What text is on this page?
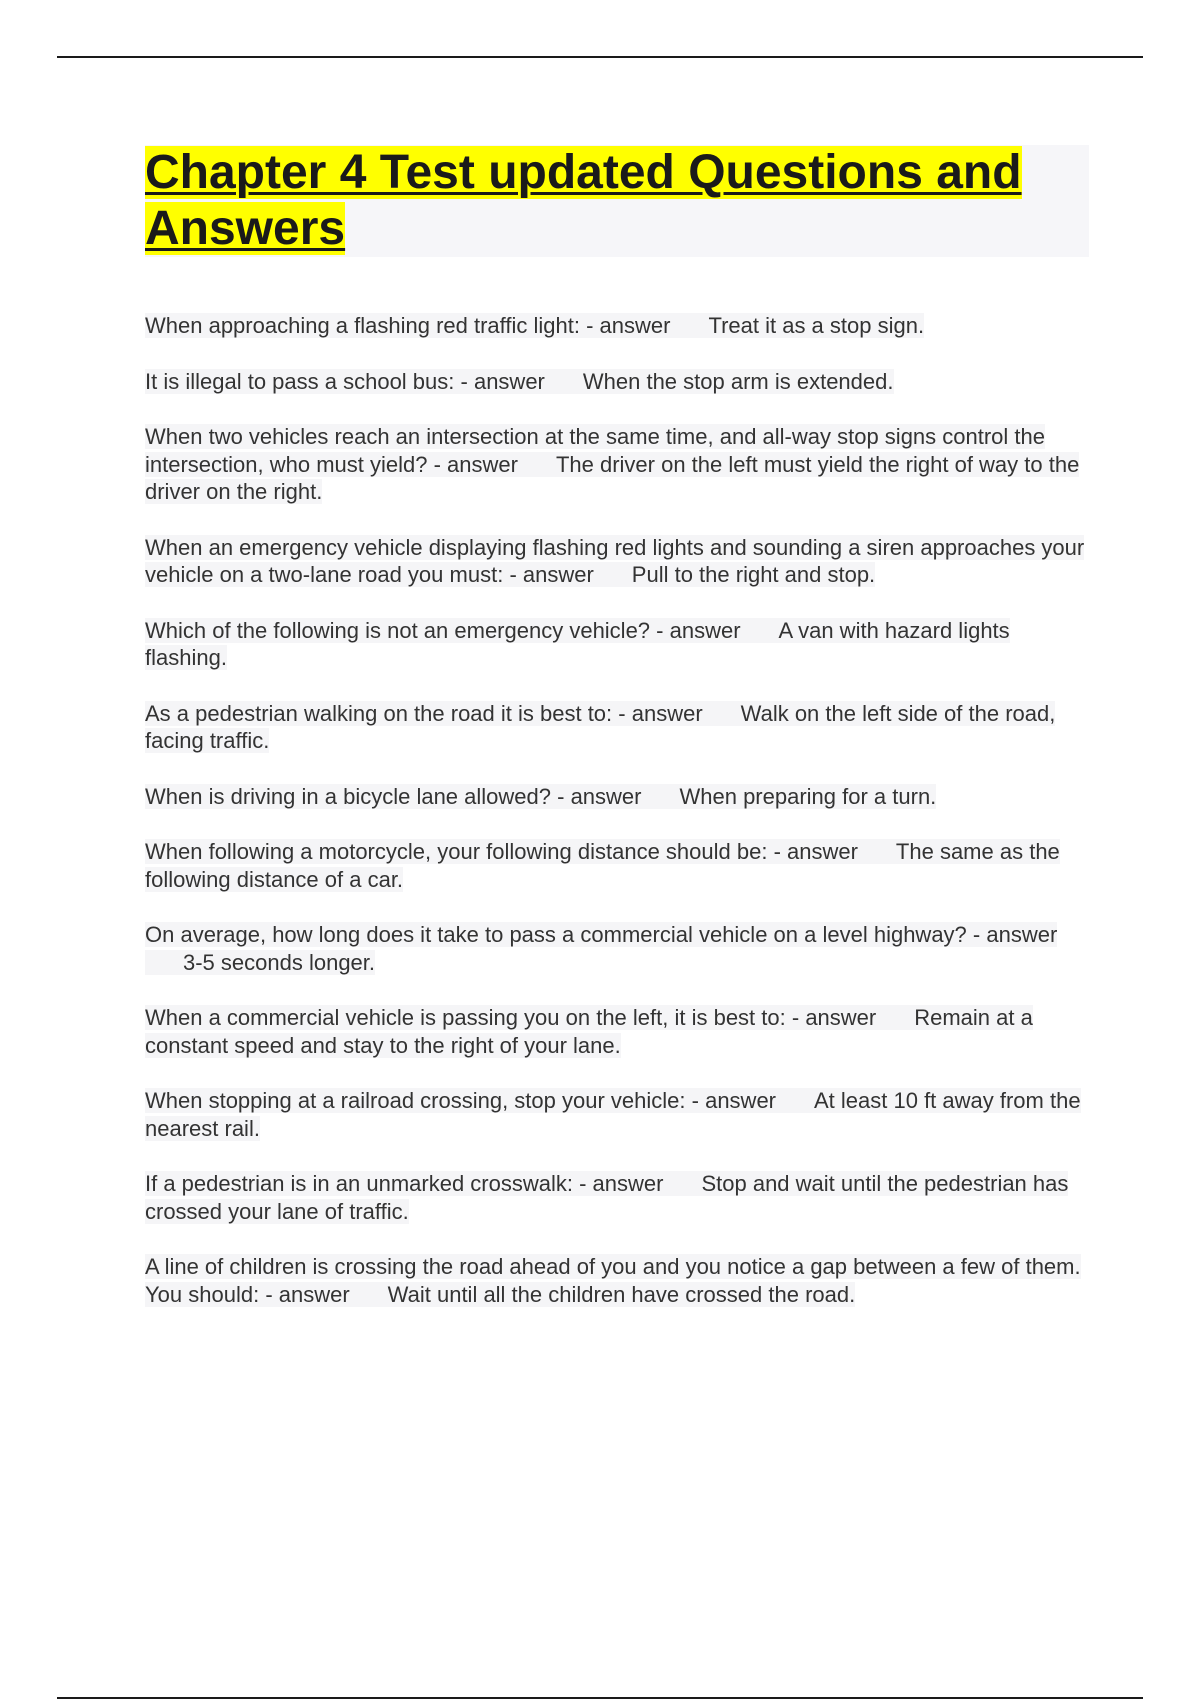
Chapter 4 Test updated Questions and
Answers

When approaching a flashing red traffic light: - answer Treat it as a stop sign.

It is illegal to pass a school bus: - answer When the stop arm is extended.

When two vehicles reach an intersection at the same time, and all-way stop signs control the intersection, who must yield? - answer The driver on the left must yield the right of way to the driver on the right.

When an emergency vehicle displaying flashing red lights and sounding a siren approaches your vehicle on a two-lane road you must: - answer Pull to the right and stop.

Which of the following is not an emergency vehicle? - answer A van with hazard lights flashing.

As a pedestrian walking on the road it is best to: - answer Walk on the left side of the road, facing traffic.

When is driving in a bicycle lane allowed? - answer When preparing for a turn.

When following a motorcycle, your following distance should be: - answer The same as the following distance of a car.

On average, how long does it take to pass a commercial vehicle on a level highway? - answer3-5 seconds longer.

When a commercial vehicle is passing you on the left, it is best to: - answer Remain at a constant speed and stay to the right of your lane.

When stopping at a railroad crossing, stop your vehicle: - answer At least 10 ft away from the nearest rail.

If a pedestrian is in an unmarked crosswalk: - answer Stop and wait until the pedestrian has crossed your lane of traffic.

A line of children is crossing the road ahead of you and you notice a gap between a few of them. You should: - answer Wait until all the children have crossed the road.
